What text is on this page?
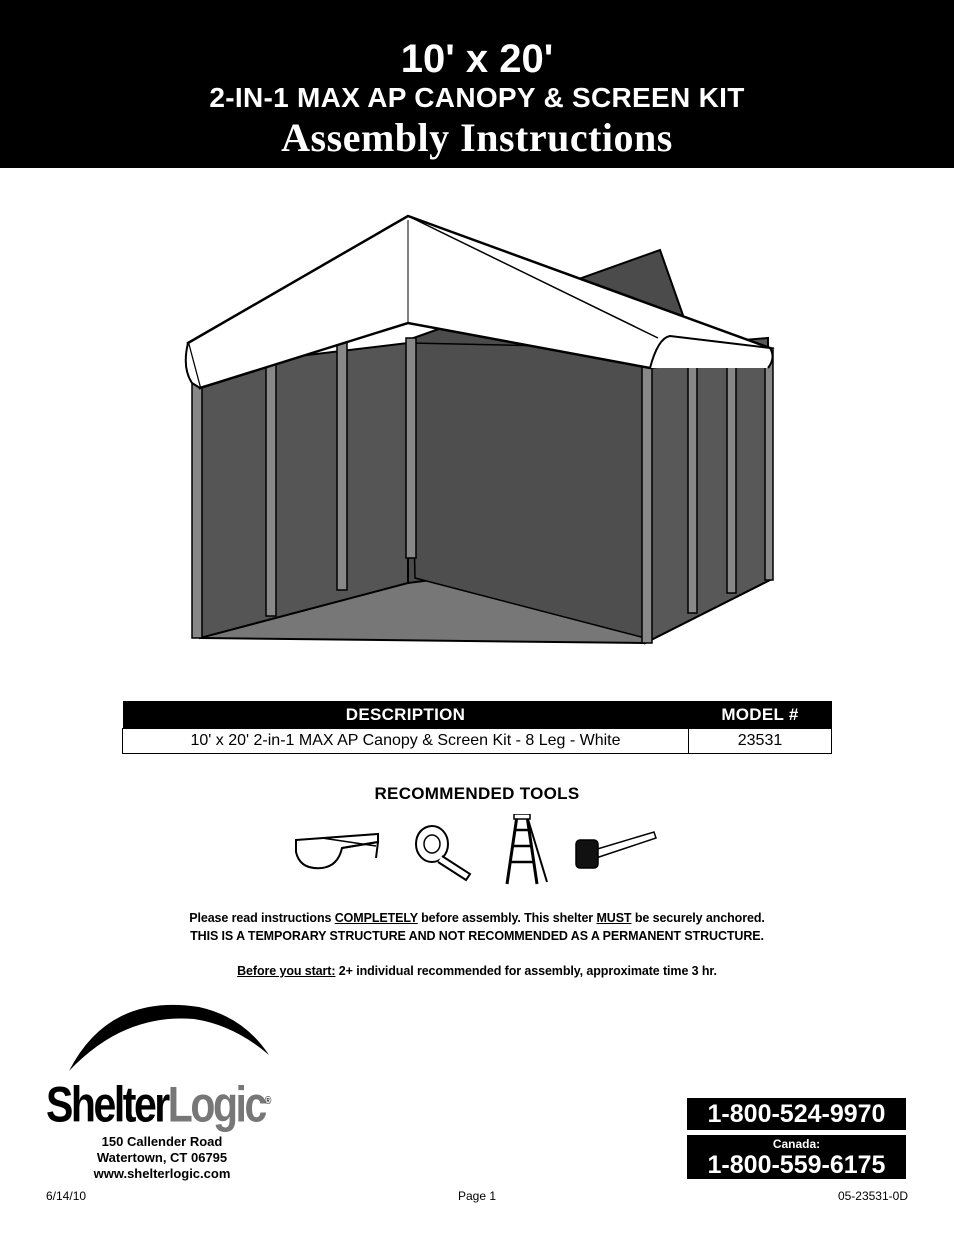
10' x 20'
2-IN-1 MAX AP CANOPY & SCREEN KIT
Assembly Instructions
DESCRIPTION	MODEL #
10' x 20' 2-in-1 MAX AP Canopy & Screen Kit - 8 Leg - White	23531
RECOMMENDED TOOLS
Please read instructions COMPLETELY before assembly. This shelter MUST be securely anchored.
THIS IS A TEMPORARY STRUCTURE AND NOT RECOMMENDED AS A PERMANENT STRUCTURE.
Before you start: 2+ individual recommended for assembly, approximate time 3 hr.
ShelterLogic®
150 Callender Road
Watertown, CT 06795
www.shelterlogic.com
1-800-524-9970
Canada:
1-800-559-6175
6/14/10	Page 1	05-23531-0D
